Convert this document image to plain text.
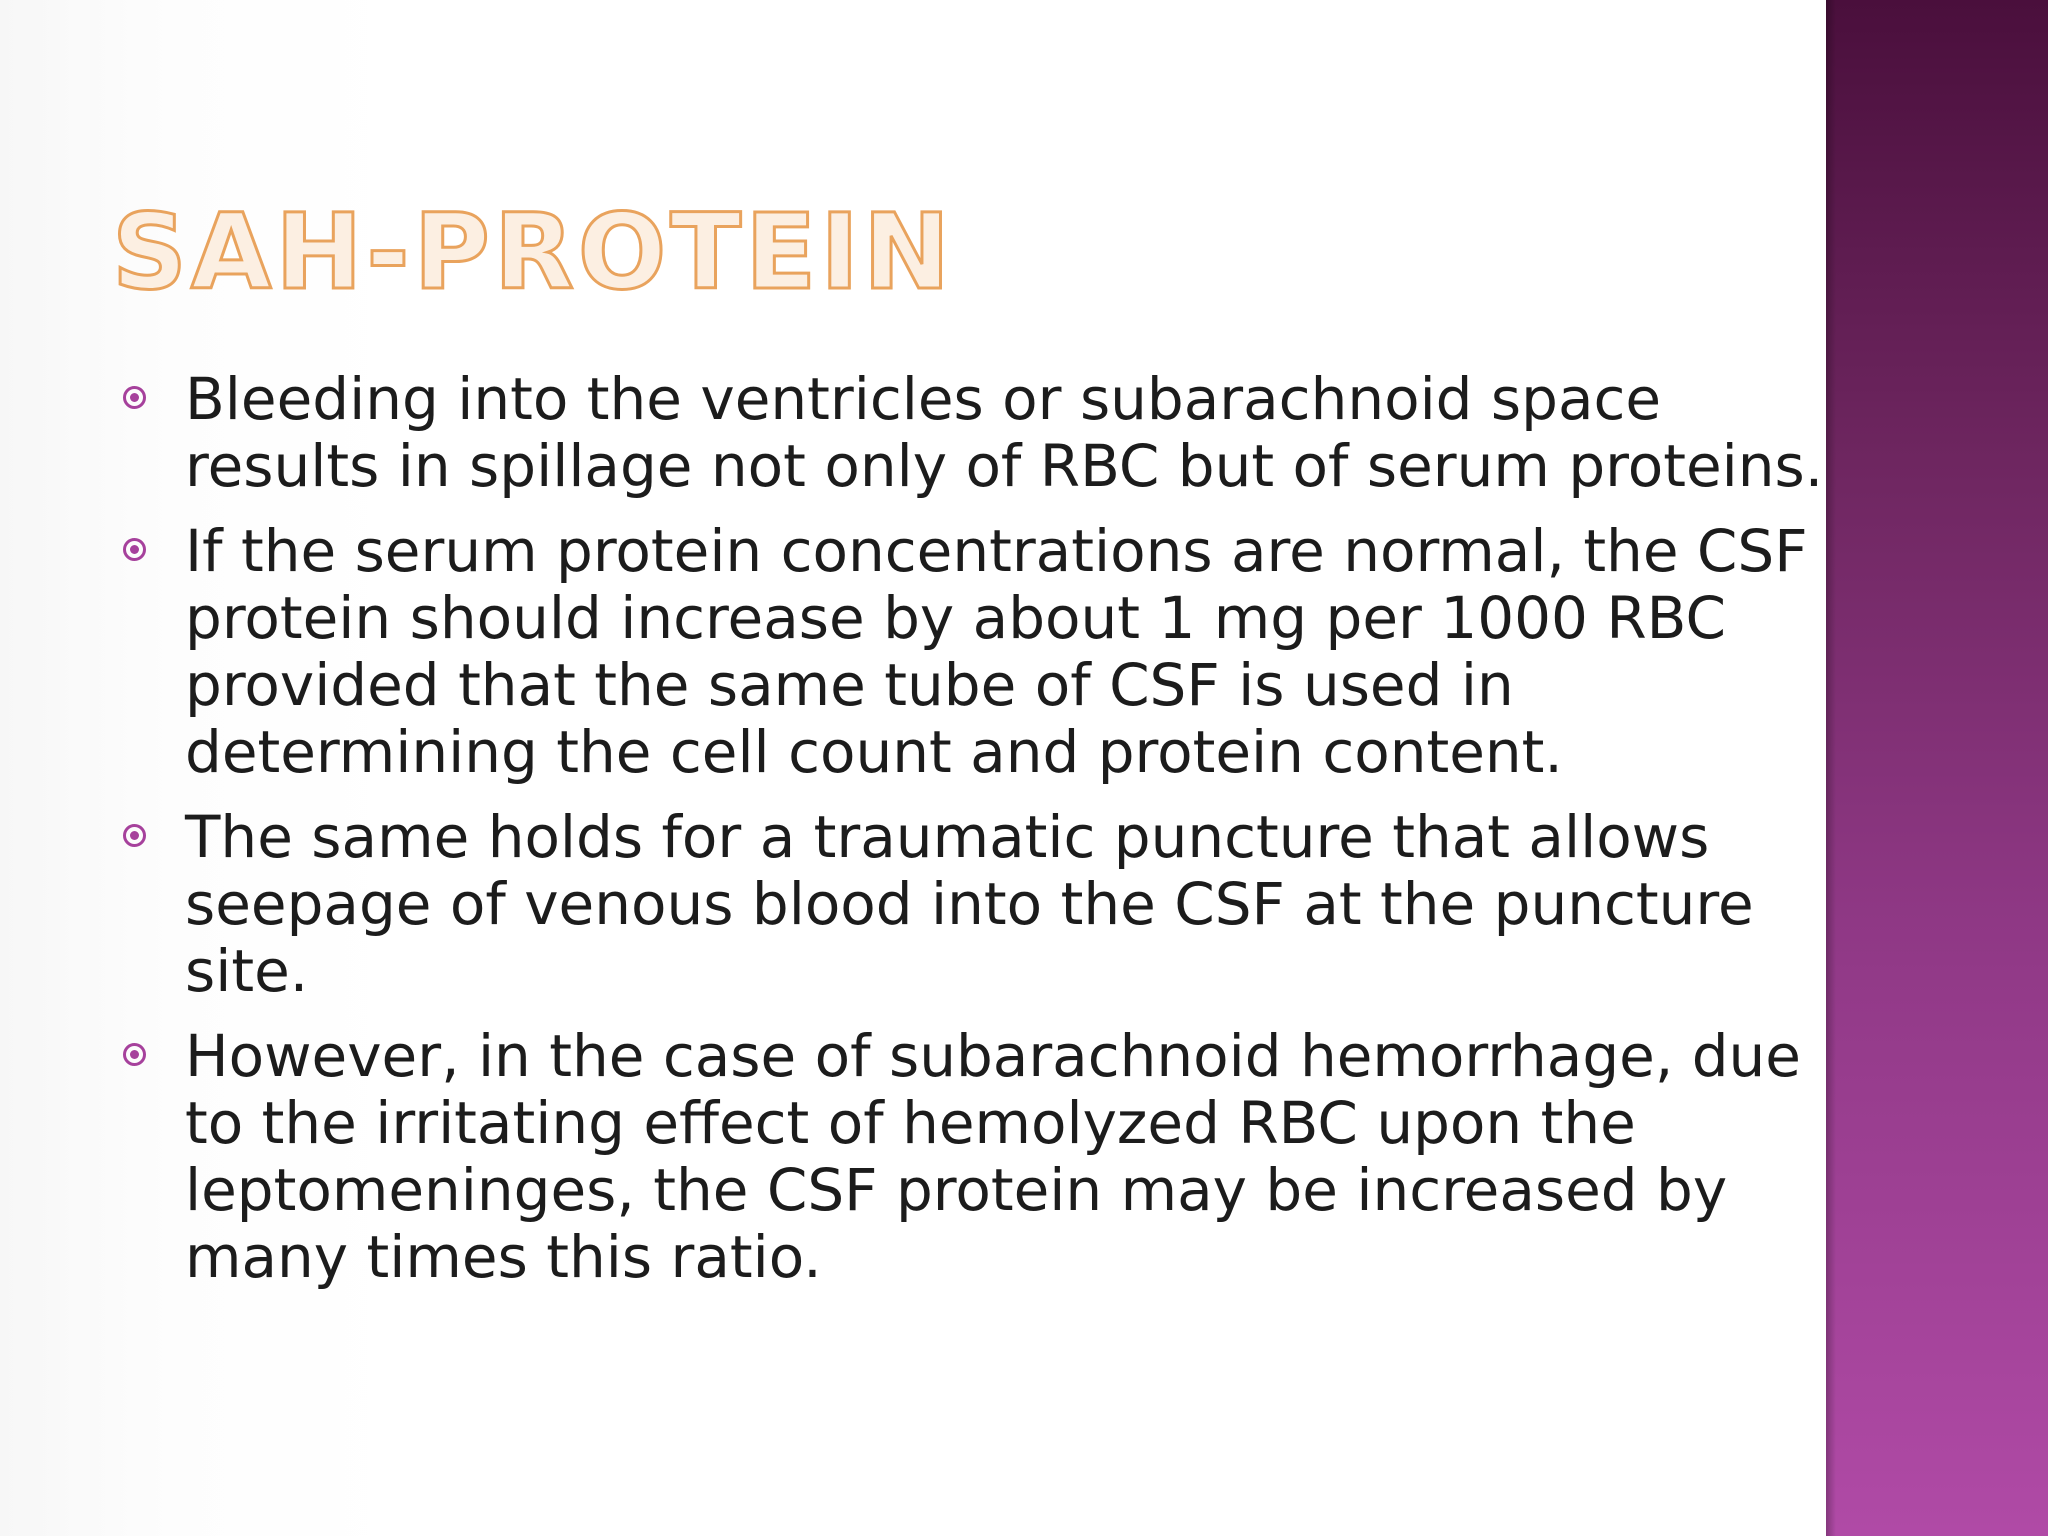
SAH-PROTEIN
Bleeding into the ventricles or subarachnoid space results in spillage not only of RBC but of serum proteins.
If the serum protein concentrations are normal, the CSF protein should increase by about 1 mg per 1000 RBC provided that the same tube of CSF is used in determining the cell count and protein content.
The same holds for a traumatic puncture that allows seepage of venous blood into the CSF at the puncture site.
However, in the case of subarachnoid hemorrhage, due to the irritating effect of hemolyzed RBC upon the leptomeninges, the CSF protein may be increased by many times this ratio.
